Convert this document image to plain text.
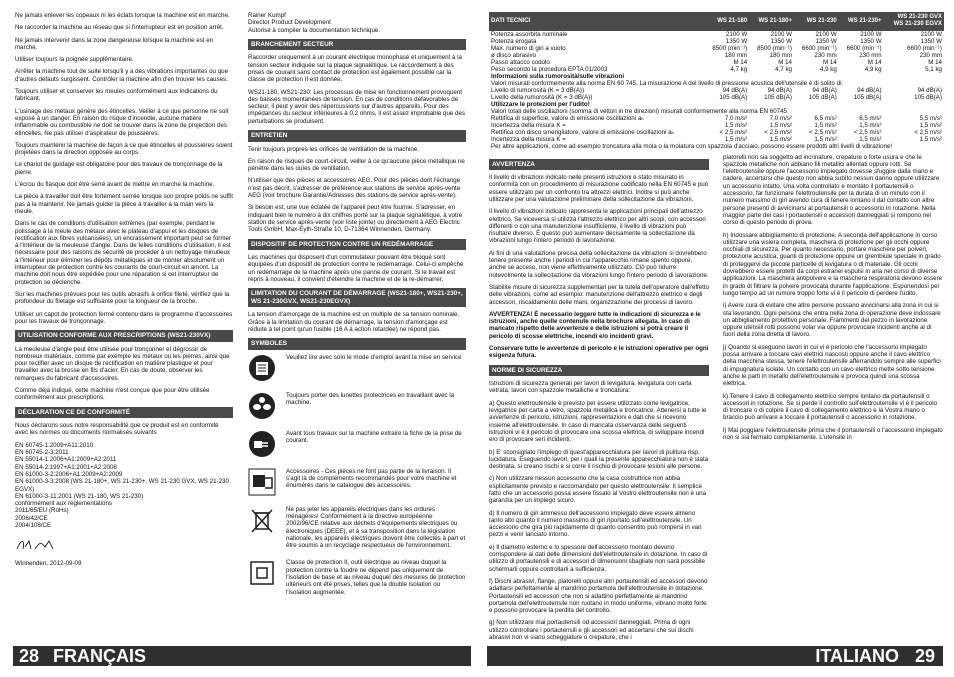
Ne jamais enlever les copeaux ni les éclats lorsque la machine est en marche.

Ne raccorder la machine au réseau que si l'interrupteur est en position arrêt.

Ne jamais intervenir dans la zone dangereuse lorsque la machine est en marche.

Utiliser toujours la poignée supplémentaire.

Arrêter la machine tout de suite lorsqu'il y a des vibrations importantes ou que d'autres défauts surgissent. Contrôler la machine afin d'en trouver les causes.

Toujours utiliser et conserver les meules conformément aux indications du fabricant.

L'usinage des métaux génère des étincelles. Veiller à ce que personne ne soit exposé à un danger. En raison du risque d'incendie, aucune matière inflammable ou combustible ne doit se trouver dans la zone de projection des étincelles. Ne pas utiliser d'aspirateur de poussières.

Toujours maintenir la machine de façon à ce que étincelles et poussières soient projetées dans la direction opposée au corps.

Le chariot de guidage est obligatoire pour des travaux de tronçonnage de la pierre.

L'écrou du flasque doit être serré avant de mettre en marche la machine.

La pièce à travailler doit être fortement serrée lorsque son propre poids ne suffit pas à la maintenir. Ne jamais guider la pièce à travailler à la main vers la meule.

Dans le cas de conditions d'utilisation extrêmes (par exemple, pendant le polissage à la meule des métaux avec le plateau d'appui et les disques de rectification aux fibres vulcanisées), un encrassement important peut se former à l'intérieur de la meuleuse d'angle. Dans de telles conditions d'utilisation, il est nécessaire pour des raisons de sécurité de procéder à un nettoyage minutieux à l'intérieur pour éliminer les dépôts métalliques et de monter absolument un interrupteur de protection contre les courants de court-circuit en amont. La machine doit nous être expédiée pour une réparation si cet interrupteur de protection se déclenche.

Sur les machines prévues pour les outils abrasifs à orifice fileté, vérifiez que la profondeur du filetage est suffisante pour la longueur de la broche.

Utiliser un capot de protection fermé contenu dans le programme d'accessoires pour les travaux de tronçonnage.

UTILISATION CONFORME AUX PRESCRIPTIONS (WS21-230VX)

La meuleuse d'angle peut être utilisée pour tronçonner et dégrossir de nombreux matériaux, comme par exemple les métaux ou les pierres, ainsi que pour rectifier avec un disque de rectification en matière plastique et pour travailler avec la brosse en fils d'acier. En cas de doute, observer les remarques du fabricant d'accessoires.

Comme déjà indiqué, cette machine n'est conçue que pour être utilisée conformément aux prescriptions.

DÉCLARATION CE DE CONFORMITÉ

Nous déclarons sous notre responsabilité que ce produit est en conformité avec les normes ou documents normalisés suivants

EN 60745-1:2009+A11:2010
EN 60745-2-3:2011
EN 55014-1:2006+A1:2009+A2:2011
EN 55014-2:1997+A1:2001+A2:2008
EN 61000-3-2:2006+A1:2009+A2:2009
EN 61000-3-3:2008 (WS 21-180+, WS 21-230+, WS 21-230 GVX, WS 21-230 EGVX)
EN 61000-3-11:2001 (WS 21-180, WS 21-230)
conformément aux réglementations
2011/65/EU (RoHs)
2006/42/CE
2004/108/CE

Winnenden, 2012-09-09

Rainer Kumpf
Director Product Development
Autorisé à compiler la documentation technique.
BRANCHEMENT SECTEUR

Raccorder uniquement à un courant électrique monophasé et uniquement à la tension secteur indiquée sur la plaque signalétique. Le raccordement à des prises de courant sans contact de protection est également possible car la classe de protection II est donnée.

WS21-180, WS21-230: Les processus de mise en fonctionnement provoquent des baisses momentanées de tension. En cas de conditions défavorables de secteur, il peut y avoir des répercussions sur d'autres appareils. Pour des impédances du secteur inférieures à 0,2 ohms, il est assez improbable que des perturbations se produisent.

ENTRETIEN

Tenir toujours propres les orifices de ventilation de la machine.

En raison de risques de court-circuit, veiller à ce qu'aucune pièce métallique ne pénètre dans les ouïes de ventilation.

N'utiliser que des pièces et accessoires AEG. Pour des pièces dont l'échange n'est pas décrit, s'adresser de préférence aux stations de service après-vente AEG (voir brochure Garantie/Adresses des stations de service après-vente).

Si besoin est, une vue éclatée de l'appareil peut être fournie. S'adresser, en indiquant bien le numéro à dix chiffres porté sur la plaque signalétique, à votre station de service après-vente (voir liste jointe) ou directement à AEG Electric Tools GmbH, Max-Eyth-Straße 10, D-71364 Winnenden, Germany.

DISPOSITIF DE PROTECTION CONTRE UN REDÉMARRAGE

Les machines qui disposent d'un commutateur pouvant être bloqué sont équipées d'un dispositif de protection contre le redémarrage. Celui-ci empêche un redémarrage de la machine après une panne de courant. Si le travail est repris à nouveau, il convient d'éteindre la machine et de la re-démarrer.

LIMITATION DU COURANT DE DÉMARRAGE (WS21-180+, WS21-230+, WS 21-230GVX, WS21-230EGVX)

La tension d'amorçage de la machine est un multiple de sa tension nominale. Grâce à la limitation du courant de démarrage, la tension d'amorçage est réduite à tel point qu'un fusible (16 A à action retardée) ne répond pas.

SYMBOLES
Veuillez lire avec soin le mode d'emploi avant la mise en service
Toujours porter des lunettes protectrices en travaillant avec la machine.
Avant tous travaux sur la machine extraire la fiche de la prise de courant.
Accessoires - Ces pièces ne font pas partie de la livraison. Il s'agit là de compléments recommandés pour votre machine et énumérés dans le catalogue des accessoires.
Ne pas jeter les appareils électriques dans les ordures ménagères! Conformément à la directive européenne 2002/96/CE relative aux déchets d'équipements électriques ou électroniques (DEEE), et à sa transposition dans la législation nationale, les appareils électriques doivent être collectés à part et être soumis à un recyclage respectueux de l'environnement.
Classe de protection II, outil électrique au niveau duquel la protection contre la foudre ne dépend pas uniquement de l'isolation de base et au niveau duquel des mesures de protection ultérieurs ont été prises, telles que la double isolation ou l'isolation augmentée.
28 FRANÇAIS
DATI TECNICI	WS 21-180	WS 21-180+	WS 21-230	WS 21-230+	WS 21-230 GVX
WS 21-230 EGVX
Potenza assorbita nominale	2100 W	2100 W	2100 W	2100 W	2100 W
Potenza erogata	1350 W	1350 W	1350 W	1350 W	1350 W
Max. numero di giri a vuoto	8500 (min⁻¹)	8500 (min⁻¹)	6600 (min⁻¹)	6600 (min⁻¹)	6600 (min⁻¹)
ø disco abrasivo	180 mm	180 mm	230 mm	230 mm	230 mm
Passo attacco codolo	M 14	M 14	M 14	M 14	M 14
Peso secondo la procedura EPTA 01/2003	4,7 kg	4,7 kg	4,9 kg	4,9 kg	5,1 kg
Informazioni sulla rumorosità/sulle vibrazioni					
Valori misurati conformemente alla norma EN 60 745. La misurazione A del livello di pressione acustica dell'utensile è di solito di:					
Livello di rumorosità (K = 3 dB(A))	94 dB(A)	94 dB(A)	94 dB(A)	94 dB(A)	94 dB(A)
Livello della rumorosità (K = 3 dB(A))	105 dB(A)	105 dB(A)	105 dB(A)	105 dB(A)	105 dB(A)
Utilizzare le protezioni per l'udito!					
Valori totali delle oscillazioni (somma di vettori in tre direzioni) misurati conformemente alla norma EN 60745					
Rettifica di superficie, valore di emissione oscillazioni aₕ	7,0 m/s²	7,0 m/s²	6,5 m/s²	6,5 m/s²	5,5 m/s²
Incertezza della misura K =	1,5 m/s²	1,5 m/s²	1,5 m/s²	1,5 m/s²	1,5 m/s²
Rettifica con disco smerigliatore, valore di emissione oscillazioni aₕ	< 2,5 m/s²	< 2,5 m/s²	< 2,5 m/s²	< 2,5 m/s²	< 2,5 m/s²
Incertezza della misura K =	1,5 m/s²	1,5 m/s²	1,5 m/s²	1,5 m/s²	1,5 m/s²
Per altre applicazioni, come ad esempio troncatura alla mola o la molatura con spazzola d'acciaio, possono essere prodotti altri livelli di vibrazione!					
AVVERTENZA

Il livello di vibrazioni indicato nelle presenti istruzioni è stato misurato in conformità con un procedimento di misurazione codificato nella EN 60745 e può essere utilizzato per un confronto tra attrezzi elettrici. Inoltre si può anche utilizzare per una valutazione preliminare della sollecitazione da vibrazioni.

Il livello di vibrazioni indicato rappresenta le applicazioni principali dell'attrezzo elettrico. Se viceversa si utilizza l'attrezzo elettrico per altri scopi, con accessori differenti o con una manutenzione insufficiente, il livello di vibrazioni può risultare diverso. È questo può aumentare decisamente la sollecitazione da vibrazioni lungo l'intero periodo di lavorazione.

Ai fini di una valutazione precisa della sollecitazione da vibrazioni si dovrebbero tenere presente anche i periodi in cui l'apparecchio rimane spento oppure, anche se acceso, non viene effettivamente utilizzato. Ciò può ridurre notevolmente la sollecitazione da vibrazioni lungo l'intero periodo di lavorazione.

Stabilite misure di sicurezza supplementari per la tutela dell'operatore dall'effetto delle vibrazioni, come ad esempio: manutenzione dell'attrezzo elettrico e degli accessori, riscaldamento delle mani, organizzazione dei processi di lavoro.

AVVERTENZA! È necessario leggere tutte le indicazioni di sicurezza e le istruzioni, anche quelle contenute nella brochure allegata. In caso di mancato rispetto delle avvertenze e delle istruzioni si potrà creare il pericolo di scosse elettriche, incendi e/o incidenti gravi.

Conservare tutte le avvertenze di pericolo e le istruzioni operative per ogni esigenza futura.

NORME DI SICUREZZA

Istruzioni di sicurezza generali per lavori di levigatura, levigatura con carta vetrata, lavori con spazzole metalliche e troncatura:

a) Questo elettroutensile è previsto per essere utilizzato come levigatrice, levigatrice per carta a vetro, spazzola metallica e troncatrice. Attenersi a tutte le avvertenze di pericolo, istruzioni, rappresentazioni e dati che si ricevono insieme all'elettroutensile. In caso di mancata osservanza delle seguenti istruzioni vi è il pericolo di provocare una scossa elettrica, di sviluppare incendi e/o di provocare seri incidenti.

b) E' sconsigliato l'impiego di quest'apparecchiatura per lavori di pulitura risp. lucidatura. Eseguendo lavori, per i quali la presente apparecchiatura non è stata destinata, si creano rischi e si corre il rischio di provocare lesioni alle persone.

c) Non utilizzare nessun accessorio che la casa costruttrice non abbia esplicitamente previsto e raccomandato per questo elettroutensile. Il semplice fatto che un accessorio possa essere fissato al Vostro elettroutensile non è una garanzia per un impiego sicuro.

d) Il numero di giri ammesso dell'accessorio impiegato deve essere almeno tanto alto quanto il numero massimo di giri riportato sull'elettroutensile. Un accessorio che gira più rapidamente di quanto consentito può rompersi in vari pezzi e venir lanciato intorno.

e) Il diametro esterno e lo spessore dell'accessorio montato devono corrispondere ai dati delle dimensioni dell'elettroutensile in dotazione. In caso di utilizzo di portautensili e di accessori di dimensioni sbagliate non sarà possibile schermarli oppure controllarli a sufficienza.

f) Dischi abrasivi, flange, platorelli oppure altri portautensili ed accessori devono adattarsi perfettamente al mandrino portamola dell'elettroutensile in dotazione. Portautensili ed accessori che non si adattino perfettamente al mandrino portamola dell'elettroutensile non ruotano in modo uniforme, vibrano molto forte e possono provocare la perdita del controllo.

g) Non utilizzare mai portautensili od accessori danneggiati. Prima di ogni utilizzo controllare i portautensili e gli accessori ed accertarsi che sui dischi abrasivi non vi siano scheggiature o crepature, che i

platorelli non sia soggetto ad incrinature, crepature o forte usura e che le spazzole metalliche non abbiano fili metallici allentati oppure rotti. Se l'elettroutensile oppure l'accessorio impiegato dovesse sfuggire dalla mano e cadere, accertarsi che questo non abbia subìto nessun danno oppure utilizzare un accessorio intatto. Una volta controllato e montato il portautensili o accessorio, far funzionare l'elettroutensile per la durata di un minuto con il numero massimo di giri avendo cura di tenere lontano il dal contatto con altre persone presenti di avvicinarsi al portautensili o accessorio in rotazione. Nella maggior parte dei casi i portautensili o accessori danneggiati si rompono nel corso di questo periodo di prova.

h) Indossare abbigliamento di protezione. A seconda dell'applicazione in corso utilizzare una visiera completa, maschera di protezione per gli occhi oppure occhiali di sicurezza. Per quanto necessario, portare maschere per polveri, protezione acustica, guanti di protezione oppure un grembiule speciale in grado di proteggervi da piccole particelle di levigatura o di materiale. Gli occhi dovrebbero essere protetti da corpi estranei espulsi in aria nel corso di diverse applicazioni. La maschera antipolvere e la maschera respiratoria devono essere in grado di filtrare la polvere provocata durante l'applicazione. Esponendosi per lungo tempo ad un rumore troppo forte vi è il pericolo di perdere l'udito.

i) Avere cura di evitare che altre persone possano avvicinarsi alla zona in cui si sta lavorando. Ogni persona che entra nella zona di operazione deve indossare un abbigliamento protettivo personale. Frammenti del pezzo in lavorazione oppure utensili rotti possono volar via oppure provocare incidenti anche al di fuori della zona diretta di lavoro.

j) Quando si eseguono lavori in cui vi è pericolo che l'accessorio impiegato possa arrivare a toccare cavi elettrici nascosti oppure anche il cavo elettrico della macchina stessa, tenere l'elettroutensile afferrandolo sempre alle superfici di impugnatura isolate. Un contatto con un cavo elettrico mette sotto tensione anche le parti in metallo dell'elettroutensile e provoca quindi una scossa elettrica.

k) Tenere il cavo di collegamento elettrico sempre lontano da portautensili o accessori in rotazione. Se si perde il controllo sull'elettroutensile vi è il pericolo di troncare o di colpire il cavo di collegamento elettrico e la Vostra mano o braccio può arrivare a toccare il portautensili o accessorio in rotazione.

l) Mai poggiare l'elettroutensile prima che il portautensili o l'accessorio impiegato non si sia fermato completamente. L'utensile in

ITALIANO 29
